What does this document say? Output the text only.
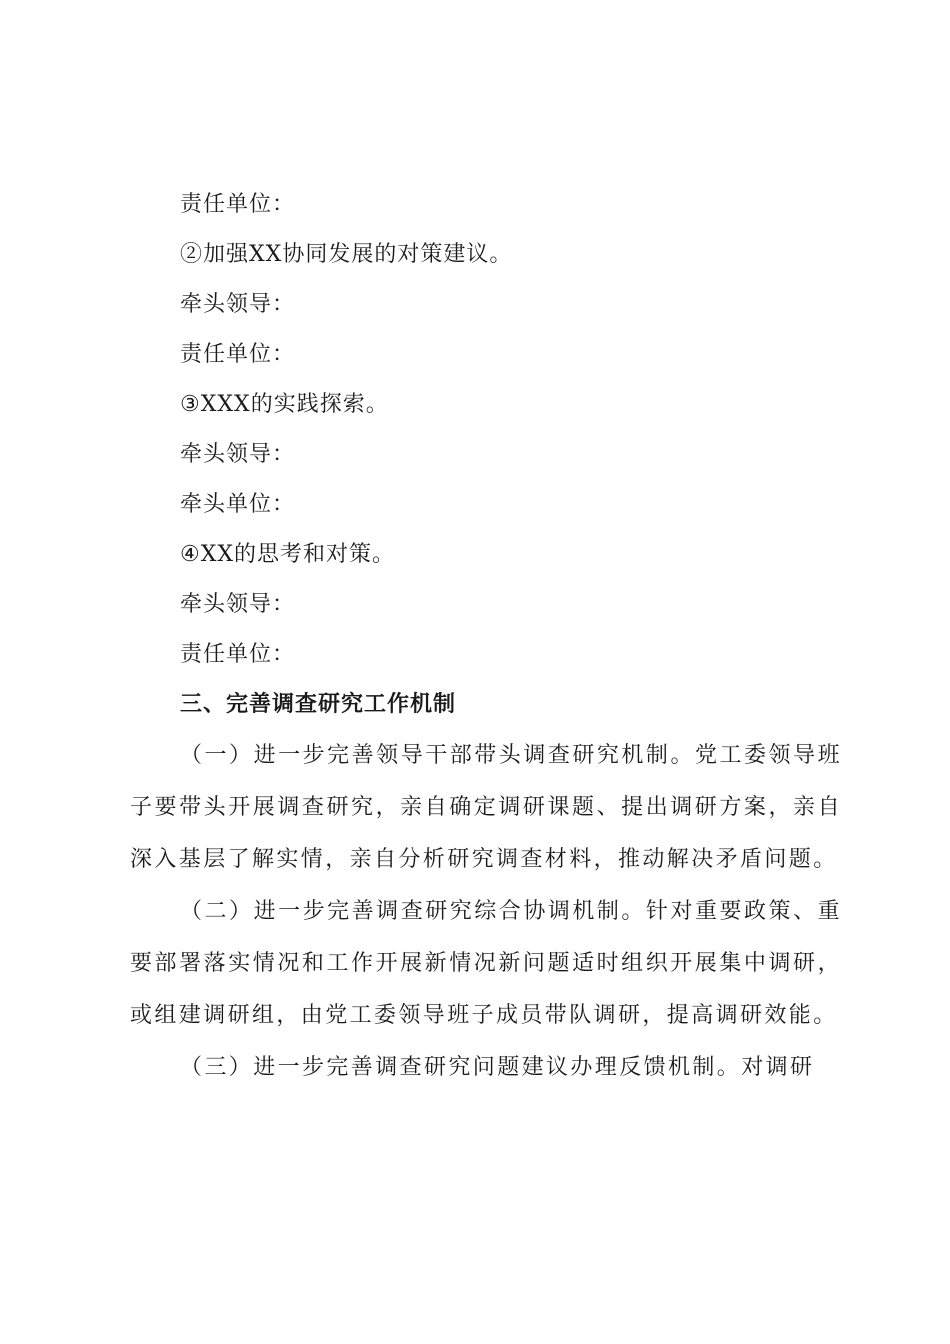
责任单位：
②加强XX协同发展的对策建议。
牵头领导：
责任单位：
③XXX的实践探索。
牵头领导：
牵头单位：
④XX的思考和对策。
牵头领导：
责任单位：
三、完善调查研究工作机制

（一）进一步完善领导干部带头调查研究机制。党工委领导班子要带头开展调查研究，亲自确定调研课题、提出调研方案，亲自深入基层了解实情，亲自分析研究调查材料，推动解决矛盾问题。

（二）进一步完善调查研究综合协调机制。针对重要政策、重要部署落实情况和工作开展新情况新问题适时组织开展集中调研，或组建调研组，由党工委领导班子成员带队调研，提高调研效能。

（三）进一步完善调查研究问题建议办理反馈机制。对调研
